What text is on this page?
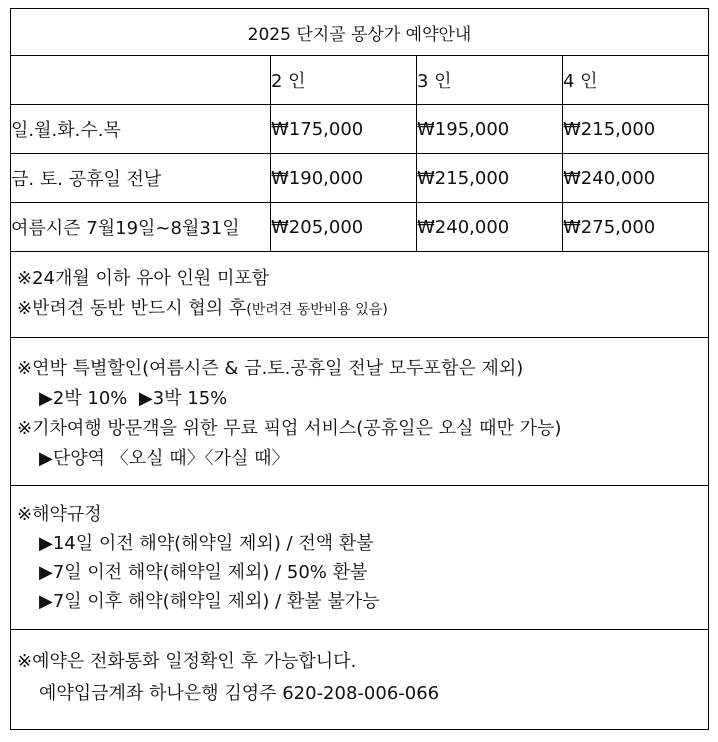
2025 단지골 몽상가 예약안내			
	2 인	3 인	4 인
일.월.화.수.목	₩175,000	₩195,000	₩215,000
금. 토. 공휴일 전날	₩190,000	₩215,000	₩240,000
여름시즌 7월19일~8월31일	₩205,000	₩240,000	₩275,000
※24개월 이하 유아 인원 미포함
※반려견 동반 반드시 협의 후(반려견 동반비용 있음)
※연박 특별할인(여름시즌 & 금.토.공휴일 전날 모두포함은 제외)
▶2박 10%  ▶3박 15%
※기차여행 방문객을 위한 무료 픽업 서비스(공휴일은 오실 때만 가능)
▶단양역 〈오실 때〉〈가실 때〉
※해약규정
▶14일 이전 해약(해약일 제외) / 전액 환불
▶7일 이전 해약(해약일 제외) / 50% 환불
▶7일 이후 해약(해약일 제외) / 환불 불가능
※예약은 전화통화 일정확인 후 가능합니다.
예약입금계좌 하나은행 김영주 620-208-006-066
